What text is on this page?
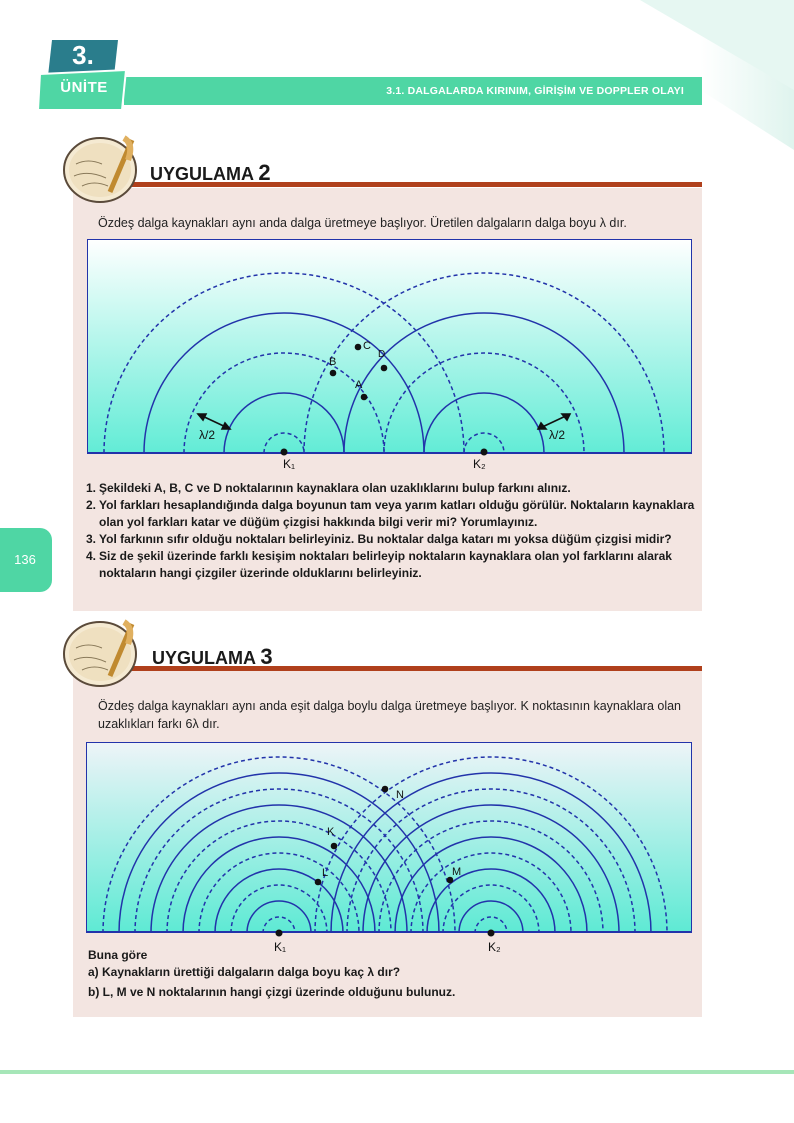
3.1. DALGALARDA KIRINIM, GİRİŞİM VE DOPPLER OLAYI
3.
ÜNİTE
136
UYGULAMA 2
Özdeş dalga kaynakları aynı anda dalga üretmeye başlıyor. Üretilen dalgaların dalga boyu λ dır.
λ/2	λ/2
A
B
C
D
K₁	K₂
1. Şekildeki A, B, C ve D noktalarının kaynaklara olan uzaklıklarını bulup farkını alınız.
2. Yol farkları hesaplandığında dalga boyunun tam veya yarım katları olduğu görülür. Noktaların kaynaklara olan yol farkları katar ve düğüm çizgisi hakkında bilgi verir mi? Yorumlayınız.
3. Yol farkının sıfır olduğu noktaları belirleyiniz. Bu noktalar dalga katarı mı yoksa düğüm çizgisi midir?
4. Siz de şekil üzerinde farklı kesişim noktaları belirleyip noktaların kaynaklara olan yol farklarını alarak noktaların hangi çizgiler üzerinde olduklarını belirleyiniz.
UYGULAMA 3
Özdeş dalga kaynakları aynı anda eşit dalga boylu dalga üretmeye başlıyor. K noktasının kaynaklara olan uzaklıkları farkı 6λ dır.
K
L	M
N
K₁	K₂
Buna göre
a) Kaynakların ürettiği dalgaların dalga boyu kaç λ dır?
b) L, M ve N noktalarının hangi çizgi üzerinde olduğunu bulunuz.
